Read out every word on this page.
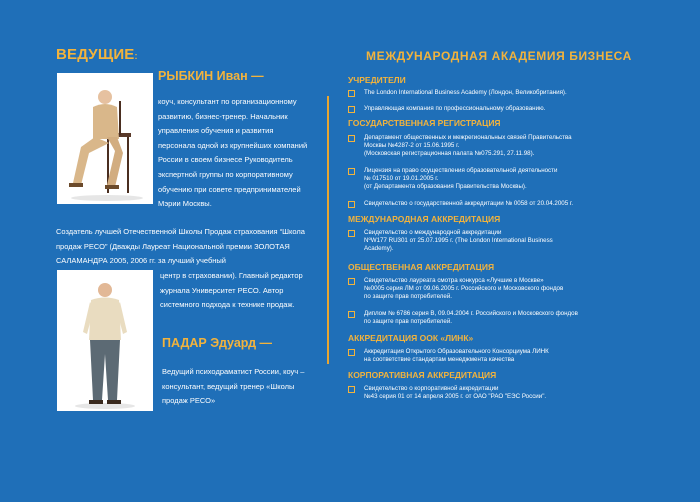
ВЕДУЩИЕ:
РЫБКИН Иван —
коуч, консультант по организационному развитию, бизнес-тренер. Начальник управления обучения и развития персонала одной из крупнейших компаний России в своем бизнесе Руководитель экспертной группы по корпоративному обучению при совете предпринимателей Мэрии Москвы.
Создатель лучшей Отечественной Школы Продаж страхования “Школа продаж РЕСО” (Дважды Лауреат Национальной премии ЗОЛОТАЯ САЛАМАНДРА 2005, 2006 гг. за лучший учебный
центр в страховании). Главный редактор журнала Университет РЕСО. Автор системного подхода к технике продаж.
ПАДАР Эдуард —
Ведущий психодраматист России, коуч – консультант, ведущий тренер «Школы продаж РЕСО»
МЕЖДУНАРОДНАЯ АКАДЕМИЯ БИЗНЕСА
УЧРЕДИТЕЛИ
The London International Business Academy (Лондон, Великобритания).
Управляющая компания по профессиональному образованию.
ГОСУДАРСТВЕННАЯ РЕГИСТРАЦИЯ
Департамент общественных и межрегиональных связей Правительства
Москвы №4287-2 от 15.06.1995 г.
(Московская регистрационная палата №075.291, 27.11.98).
Лицензия на право осуществления образовательной деятельности
№ 017510 от 19.01.2005 г.
(от Департамента образования Правительства Москвы).
Свидетельство о государственной аккредитации № 0058 от 20.04.2005 г.
МЕЖДУНАРОДНАЯ АККРЕДИТАЦИЯ
Свидетельство о международной аккредитации
NºW177 RU301 от 25.07.1995 г. (The London International Business
Academy).
ОБЩЕСТВЕННАЯ АККРЕДИТАЦИЯ
Свидетельство лауреата смотра конкурса «Лучшие в Москве»
№0005 серия ЛМ от 09.06.2005 г. Российского и Московского фондов
по защите прав потребителей.
Диплом № 6786 серия В, 09.04.2004 г. Российского и Московского фондов
по защите прав потребителей.
АККРЕДИТАЦИЯ ООК «ЛИНК»
Аккредитация Открытого Образовательного Консорциума ЛИНК
на соответствие стандартам менеджмента качества
КОРПОРАТИВНАЯ АККРЕДИТАЦИЯ
Свидетельство о корпоративной аккредитации
№43 серия 01 от 14 апреля 2005 г. от ОАО "РАО "ЕЭС России".
